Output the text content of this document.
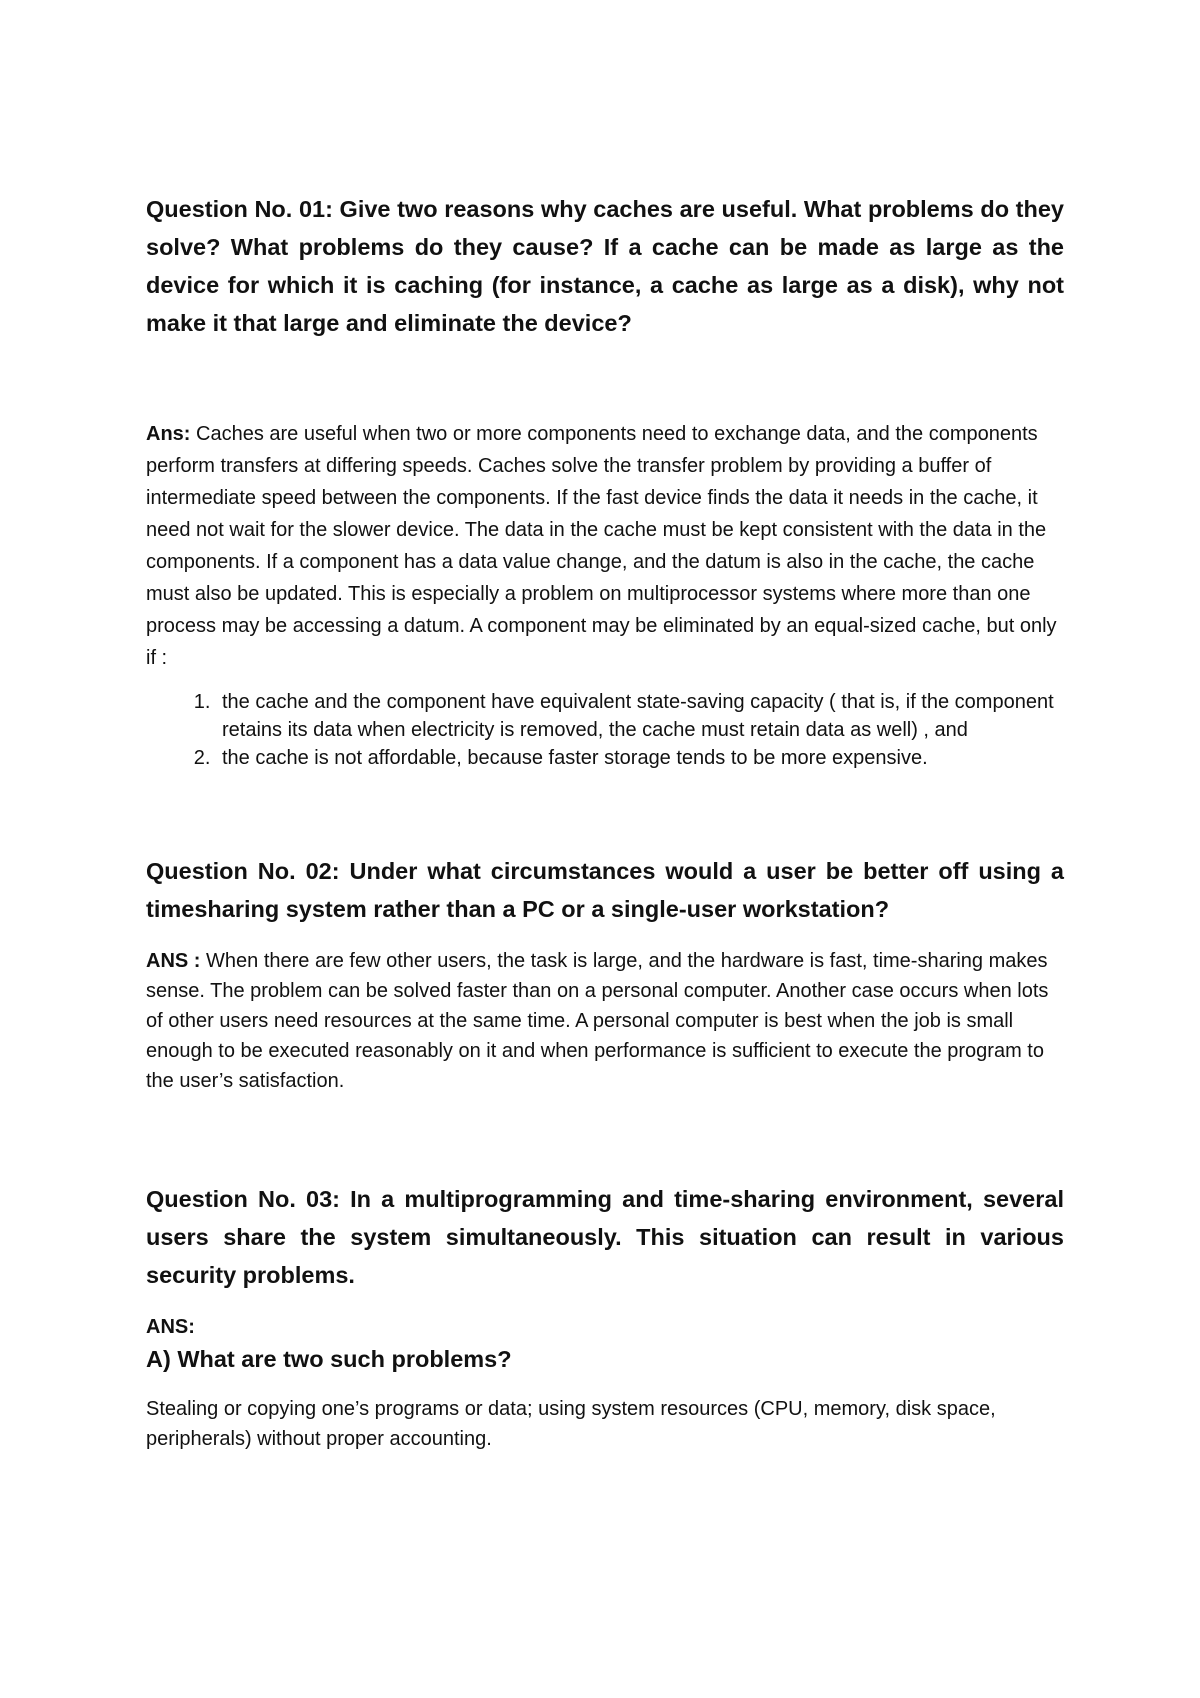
Question No. 01: Give two reasons why caches are useful. What problems do they solve? What problems do they cause? If a cache can be made as large as the device for which it is caching (for instance, a cache as large as a disk), why not make it that large and eliminate the device?

Ans: Caches are useful when two or more components need to exchange data, and the components perform transfers at differing speeds. Caches solve the transfer problem by providing a buffer of intermediate speed between the components. If the fast device finds the data it needs in the cache, it need not wait for the slower device. The data in the cache must be kept consistent with the data in the components. If a component has a data value change, and the datum is also in the cache, the cache must also be updated. This is especially a problem on multiprocessor systems where more than one process may be accessing a datum. A component may be eliminated by an equal-sized cache, but only if :

1. the cache and the component have equivalent state-saving capacity ( that is, if the component retains its data when electricity is removed, the cache must retain data as well) , and
2. the cache is not affordable, because faster storage tends to be more expensive.

Question No. 02: Under what circumstances would a user be better off using a timesharing system rather than a PC or a single-user workstation?

ANS : When there are few other users, the task is large, and the hardware is fast, time-sharing makes sense. The problem can be solved faster than on a personal computer. Another case occurs when lots of other users need resources at the same time. A personal computer is best when the job is small enough to be executed reasonably on it and when performance is sufficient to execute the program to the user’s satisfaction.

Question No. 03: In a multiprogramming and time-sharing environment, several users share the system simultaneously. This situation can result in various security problems.

ANS:

A) What are two such problems?

Stealing or copying one’s programs or data; using system resources (CPU, memory, disk space, peripherals) without proper accounting.
